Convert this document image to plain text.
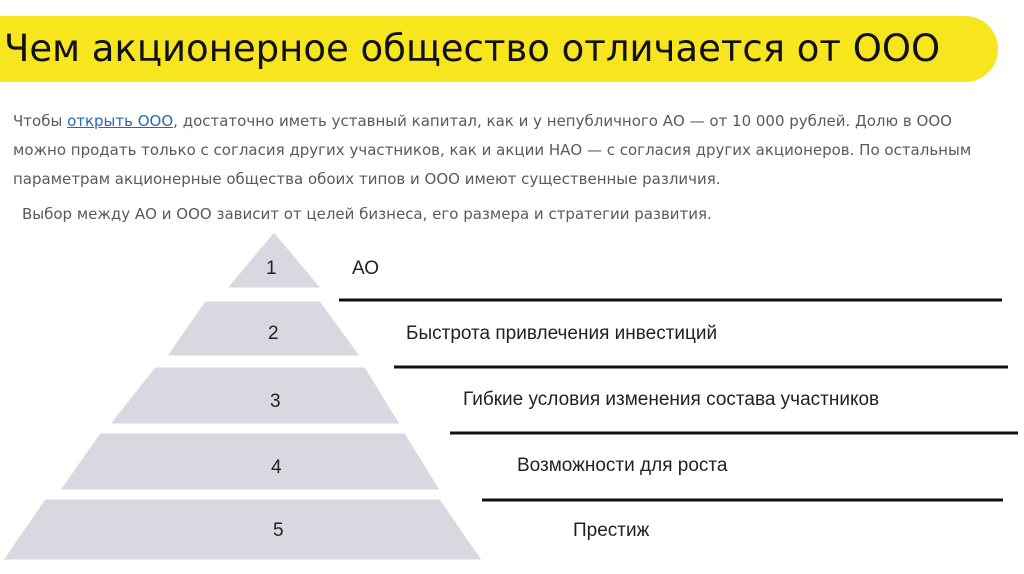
Чем акционерное общество отличается от ООО

Чтобы открыть ООО, достаточно иметь уставный капитал, как и у непубличного АО — от 10 000 рублей. Долю в ООО можно продать только с согласия других участников, как и акции НАО — с согласия других акционеров. По остальным параметрам акционерные общества обоих типов и ООО имеют существенные различия.

Выбор между АО и ООО зависит от целей бизнеса, его размера и стратегии развития.

1
2
3
4
5
АО
Быстрота привлечения инвестиций
Гибкие условия изменения состава участников
Возможности для роста
Престиж
